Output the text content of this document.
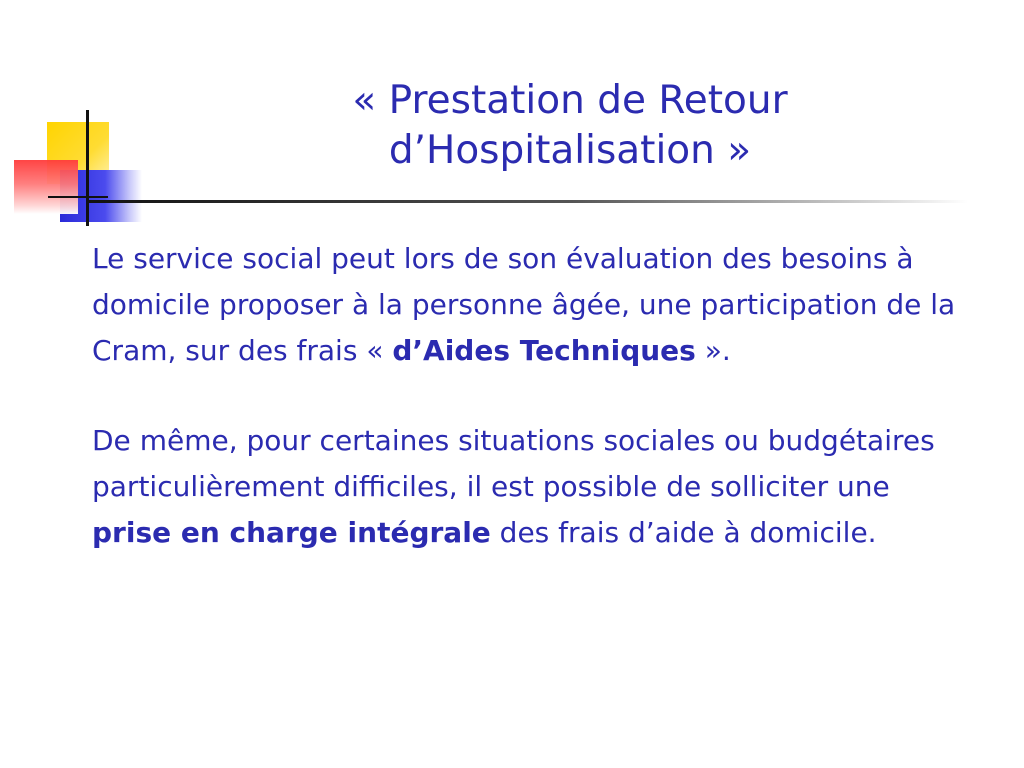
« Prestation de Retour
d’Hospitalisation »

Le service social peut lors de son évaluation des besoins à domicile proposer à la personne âgée, une participation de la Cram, sur des frais « d’Aides Techniques ».

De même, pour certaines situations sociales ou budgétaires particulièrement difficiles, il est possible de solliciter une prise en charge intégrale des frais d’aide à domicile.
